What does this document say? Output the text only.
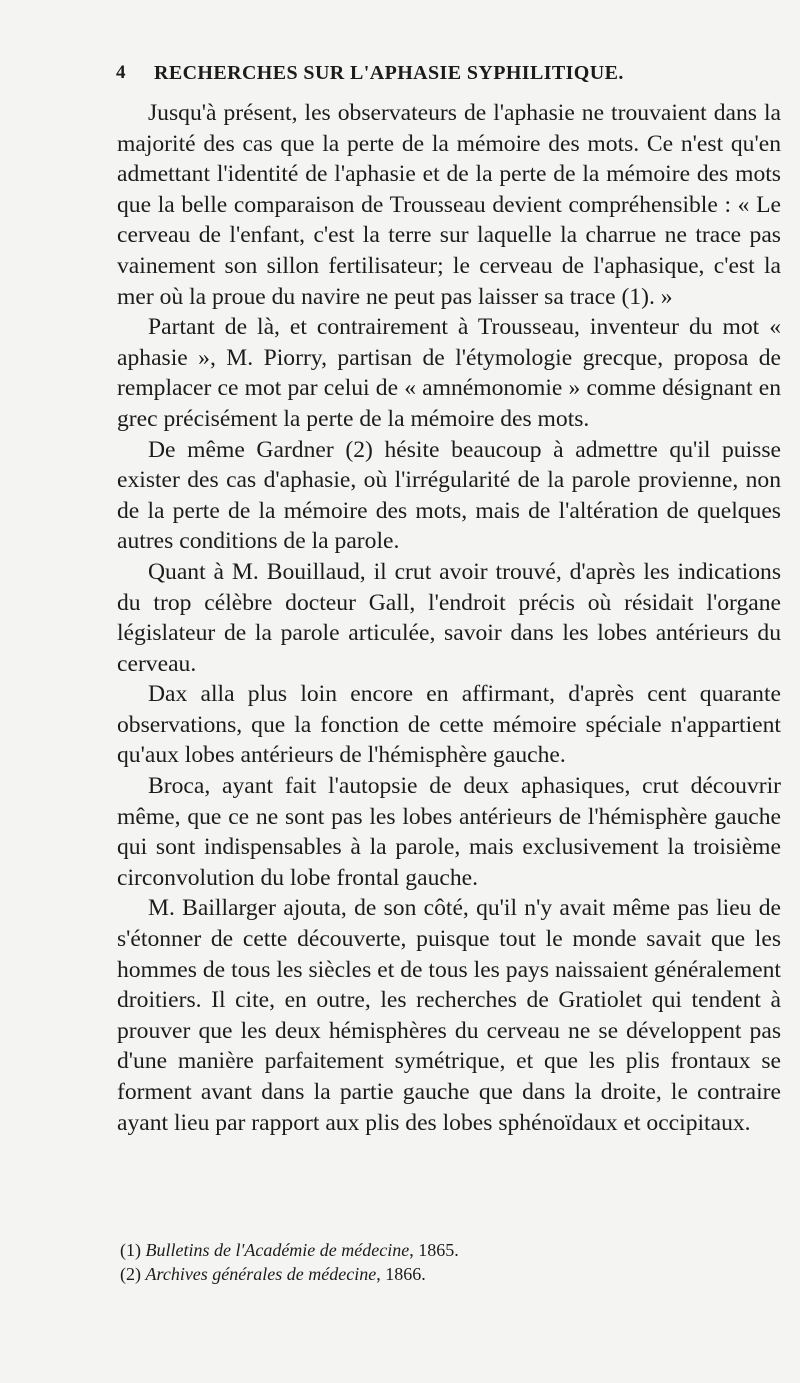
4 RECHERCHES SUR L'APHASIE SYPHILITIQUE.

Jusqu'à présent, les observateurs de l'aphasie ne trouvaient dans la majorité des cas que la perte de la mémoire des mots. Ce n'est qu'en admettant l'identité de l'aphasie et de la perte de la mémoire des mots que la belle comparaison de Trousseau devient compréhensible : « Le cerveau de l'enfant, c'est la terre sur laquelle la charrue ne trace pas vainement son sillon fertilisateur; le cerveau de l'aphasique, c'est la mer où la proue du navire ne peut pas laisser sa trace (1). »

Partant de là, et contrairement à Trousseau, inventeur du mot « aphasie », M. Piorry, partisan de l'étymologie grecque, proposa de remplacer ce mot par celui de « amnémonomie » comme désignant en grec précisément la perte de la mémoire des mots.

De même Gardner (2) hésite beaucoup à admettre qu'il puisse exister des cas d'aphasie, où l'irrégularité de la parole provienne, non de la perte de la mémoire des mots, mais de l'altération de quelques autres conditions de la parole.

Quant à M. Bouillaud, il crut avoir trouvé, d'après les indications du trop célèbre docteur Gall, l'endroit précis où résidait l'organe législateur de la parole articulée, savoir dans les lobes antérieurs du cerveau.

Dax alla plus loin encore en affirmant, d'après cent quarante observations, que la fonction de cette mémoire spéciale n'appartient qu'aux lobes antérieurs de l'hémisphère gauche.

Broca, ayant fait l'autopsie de deux aphasiques, crut découvrir même, que ce ne sont pas les lobes antérieurs de l'hémisphère gauche qui sont indispensables à la parole, mais exclusivement la troisième circonvolution du lobe frontal gauche.

M. Baillarger ajouta, de son côté, qu'il n'y avait même pas lieu de s'étonner de cette découverte, puisque tout le monde savait que les hommes de tous les siècles et de tous les pays naissaient généralement droitiers. Il cite, en outre, les recherches de Gratiolet qui tendent à prouver que les deux hémisphères du cerveau ne se développent pas d'une manière parfaitement symétrique, et que les plis frontaux se forment avant dans la partie gauche que dans la droite, le contraire ayant lieu par rapport aux plis des lobes sphénoïdaux et occipitaux.

(1) Bulletins de l'Académie de médecine, 1865.

(2) Archives générales de médecine, 1866.
